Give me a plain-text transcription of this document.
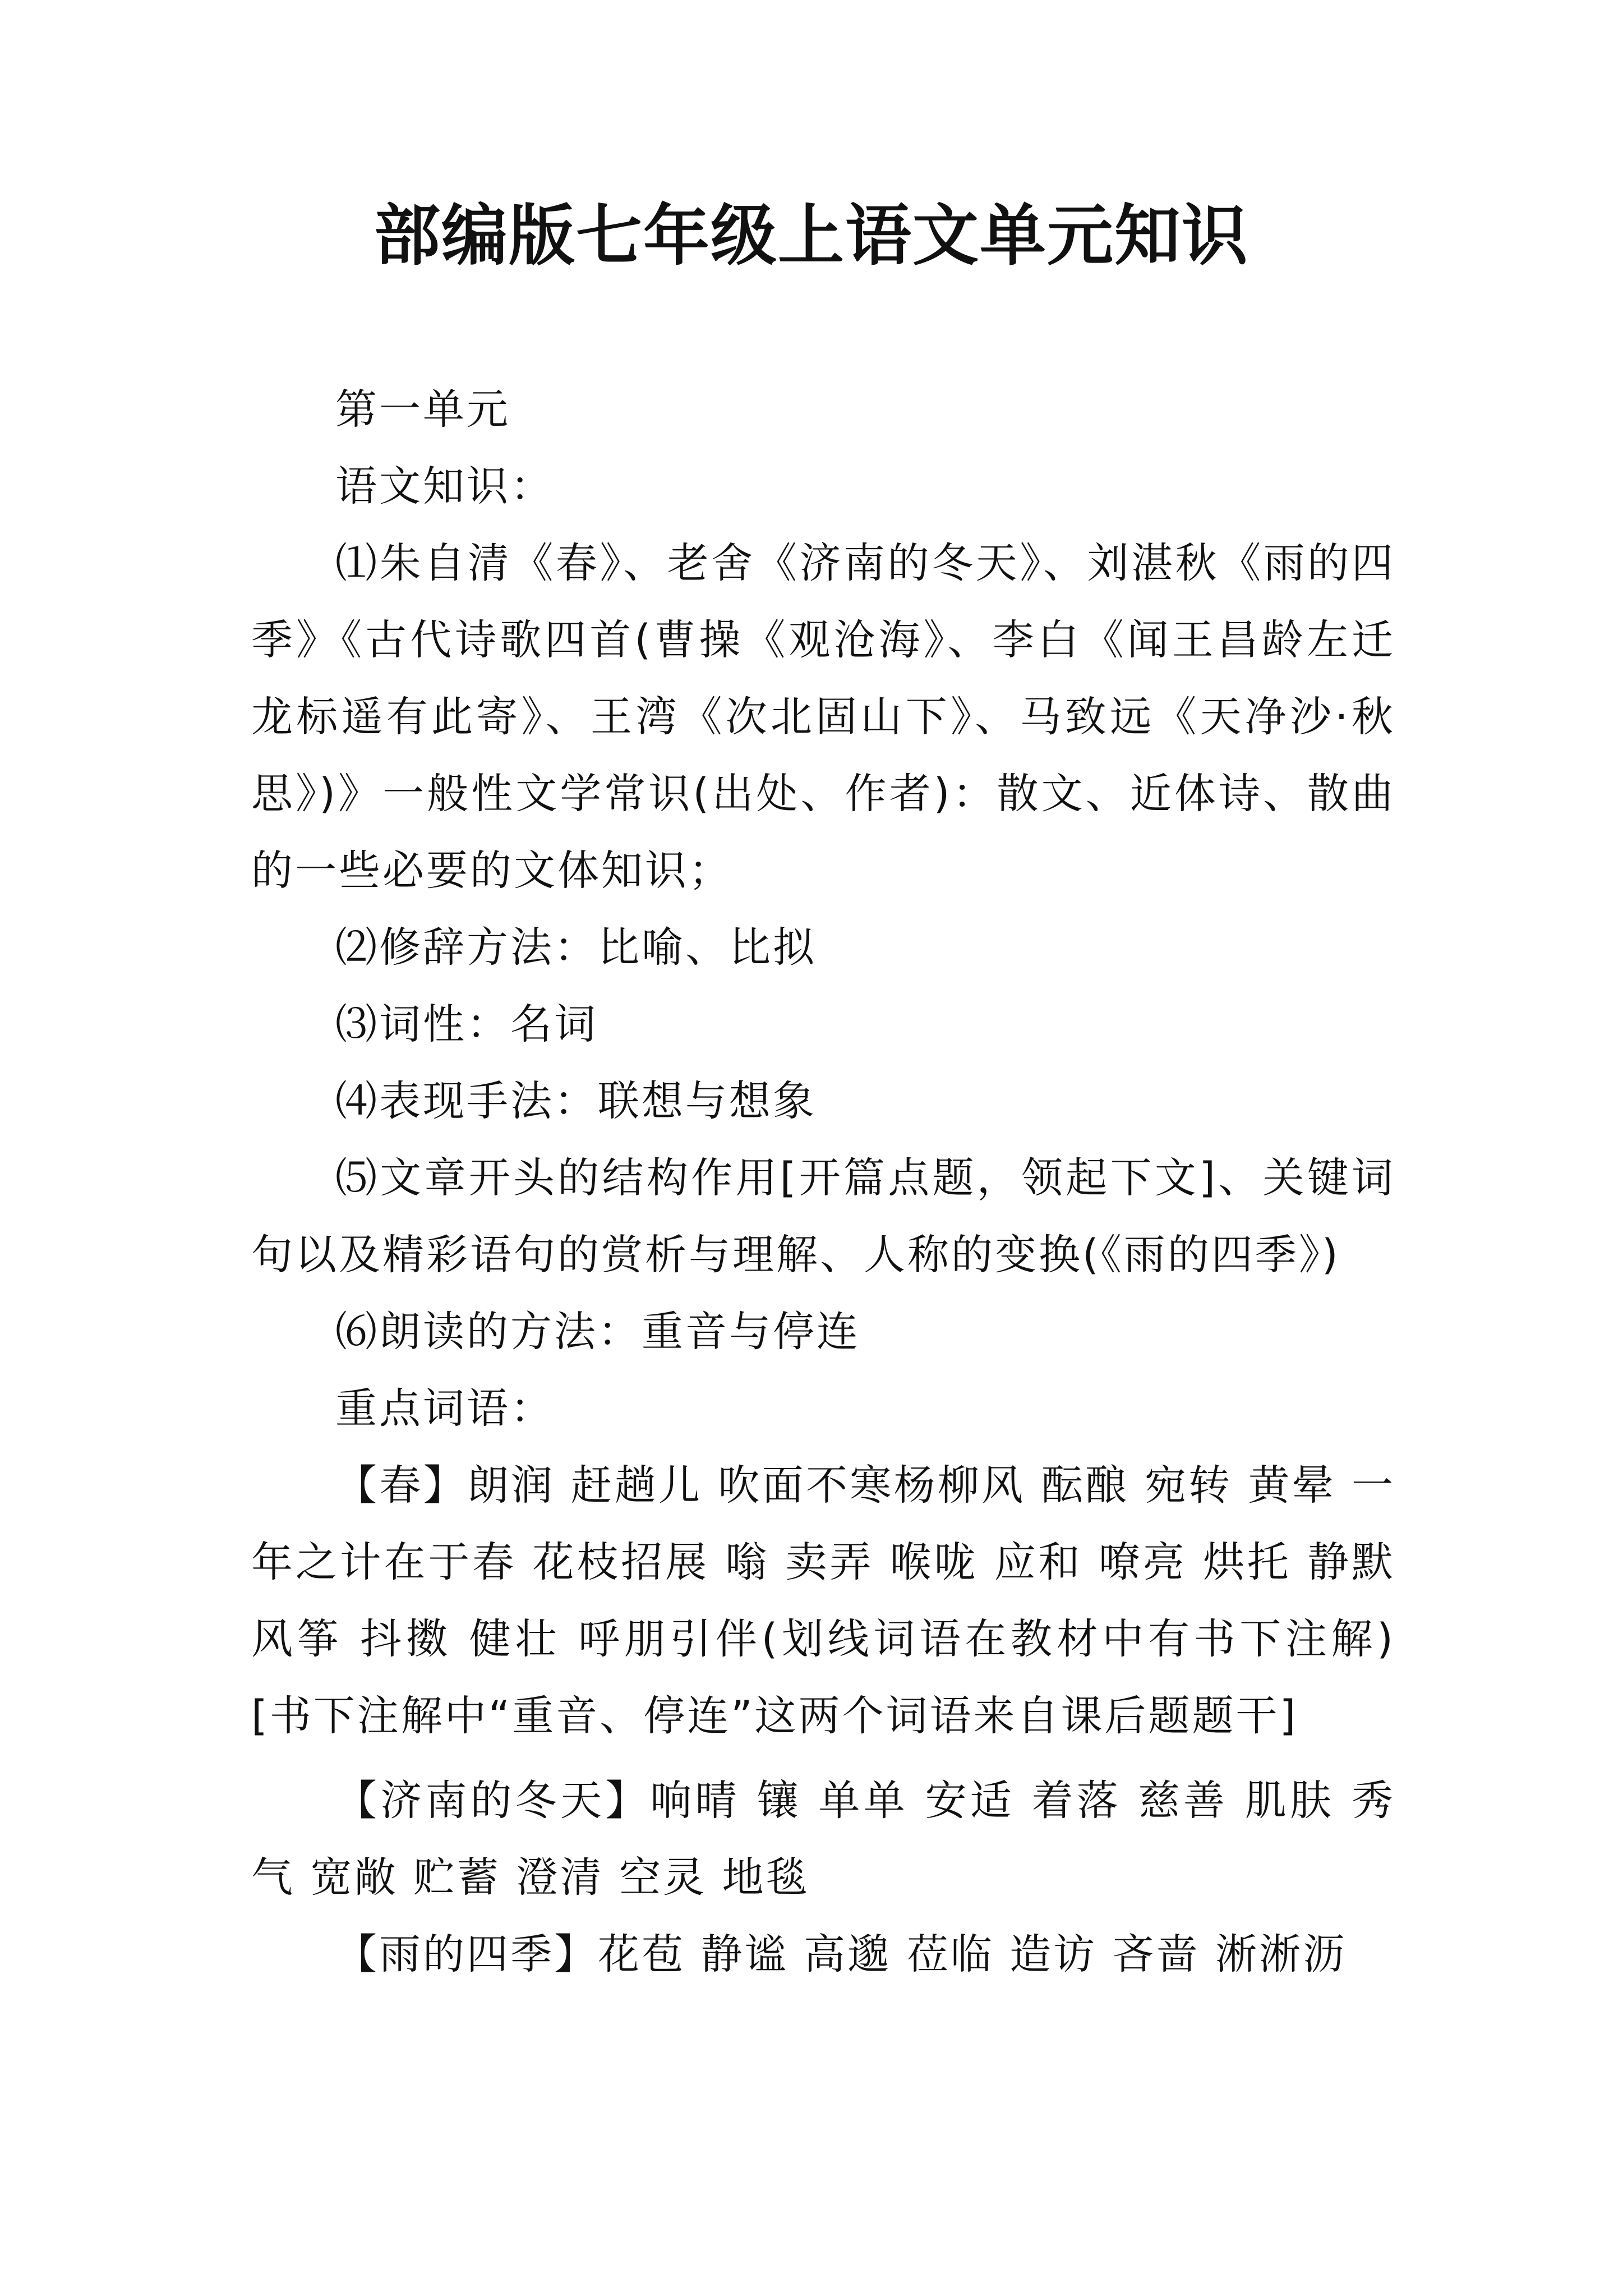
部编版七年级上语文单元知识

第一单元

语文知识：

⑴朱自清《春》、老舍《济南的冬天》、刘湛秋《雨的四季》《古代诗歌四首(曹操《观沧海》、李白《闻王昌龄左迁龙标遥有此寄》、王湾《次北固山下》、马致远《天净沙·秋思》)》一般性文学常识(出处、作者)：散文、近体诗、散曲的一些必要的文体知识；

⑵修辞方法：比喻、比拟

⑶词性：名词

⑷表现手法：联想与想象

⑸文章开头的结构作用[开篇点题，领起下文]、关键词句以及精彩语句的赏析与理解、人称的变换(《雨的四季》)

⑹朗读的方法：重音与停连

重点词语：

【春】朗润 赶趟儿 吹面不寒杨柳风 酝酿 宛转 黄晕 一年之计在于春 花枝招展 嗡 卖弄 喉咙 应和 嘹亮 烘托 静默 风筝 抖擞 健壮 呼朋引伴(划线词语在教材中有书下注解)[书下注解中“重音、停连”这两个词语来自课后题题干]

【济南的冬天】响晴 镶 单单 安适 着落 慈善 肌肤 秀气 宽敞 贮蓄 澄清 空灵 地毯

【雨的四季】花苞 静谧 高邈 莅临 造访 吝啬 淅淅沥
